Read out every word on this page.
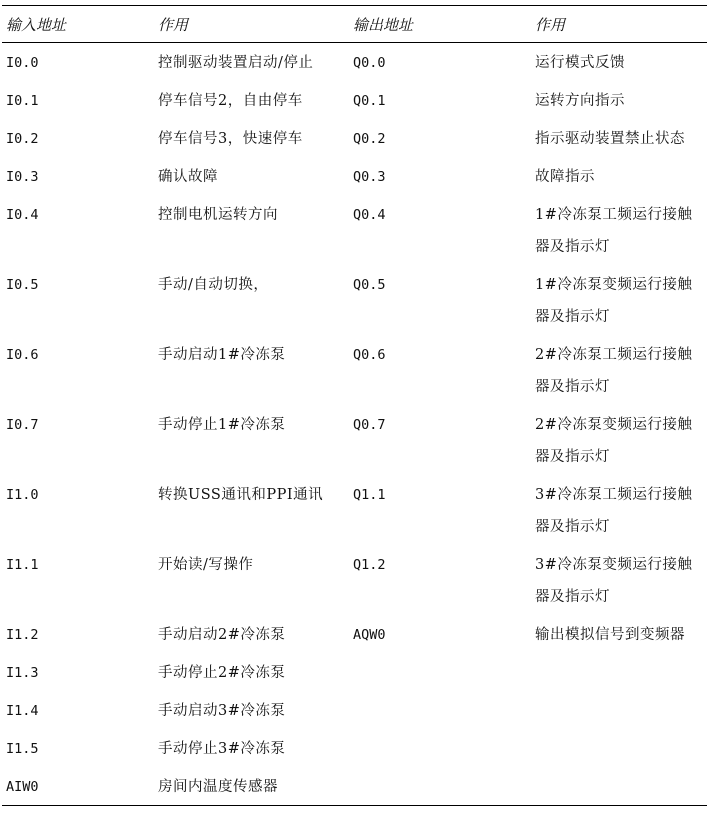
输入地址	作用	输出地址	作用
I0.0	控制驱动装置启动/停止	Q0.0	运行模式反馈
I0.1	停车信号2，自由停车	Q0.1	运转方向指示
I0.2	停车信号3，快速停车	Q0.2	指示驱动装置禁止状态
I0.3	确认故障	Q0.3	故障指示
I0.4	控制电机运转方向	Q0.4	1#冷冻泵工频运行接触器及指示灯
I0.5	手动/自动切换，	Q0.5	1#冷冻泵变频运行接触器及指示灯
I0.6	手动启动1#冷冻泵	Q0.6	2#冷冻泵工频运行接触器及指示灯
I0.7	手动停止1#冷冻泵	Q0.7	2#冷冻泵变频运行接触器及指示灯
I1.0	转换USS通讯和PPI通讯	Q1.1	3#冷冻泵工频运行接触器及指示灯
I1.1	开始读/写操作	Q1.2	3#冷冻泵变频运行接触器及指示灯
I1.2	手动启动2#冷冻泵	AQW0	输出模拟信号到变频器
I1.3	手动停止2#冷冻泵		
I1.4	手动启动3#冷冻泵		
I1.5	手动停止3#冷冻泵		
AIW0	房间内温度传感器		
